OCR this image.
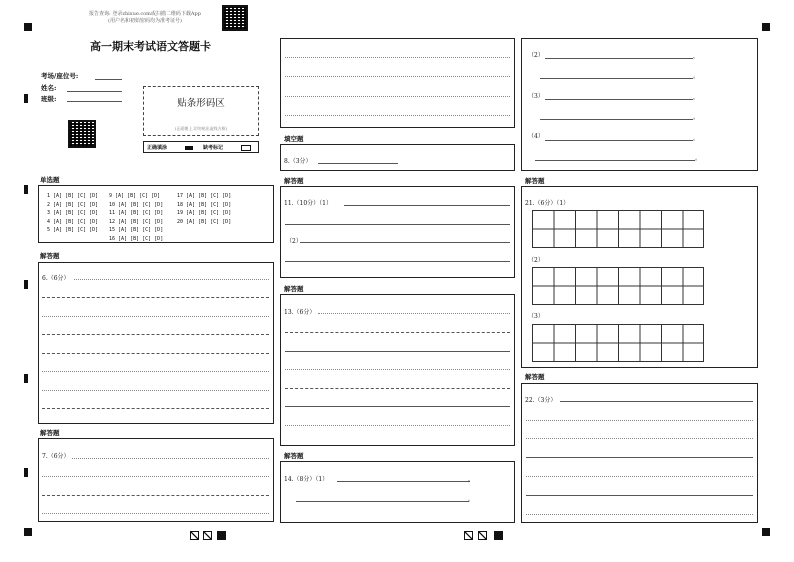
报告查询: 登录zhixue.com或扫描二维码下载App
(用户名和初始密码均为准考证号)
高一期末考试语文答题卡
考场/座位号:
姓名:
班级:	贴条形码区
(正面朝上,切勿贴出虚线方框)
正确填涂	缺考标记
单选题
1 [A] [B] [C] [D]
2 [A] [B] [C] [D]
3 [A] [B] [C] [D]
4 [A] [B] [C] [D]
5 [A] [B] [C] [D]
9 [A] [B] [C] [D]
10 [A] [B] [C] [D]
11 [A] [B] [C] [D]
12 [A] [B] [C] [D]
15 [A] [B] [C] [D]
16 [A] [B] [C] [D]
17 [A] [B] [C] [D]
18 [A] [B] [C] [D]
19 [A] [B] [C] [D]
20 [A] [B] [C] [D]
解答题
6.（6分）
解答题
7.（6分）
填空题
8.（3分）
解答题
11.（10分）（1）
（2）
解答题
13.（6分）
解答题
14.（8分）（1）	，
。
（2）
（3）
（4）
，
。
，
。
，
。
解答题
21.（6分）（1）
（2）
（3）
解答题
22.（3分）
